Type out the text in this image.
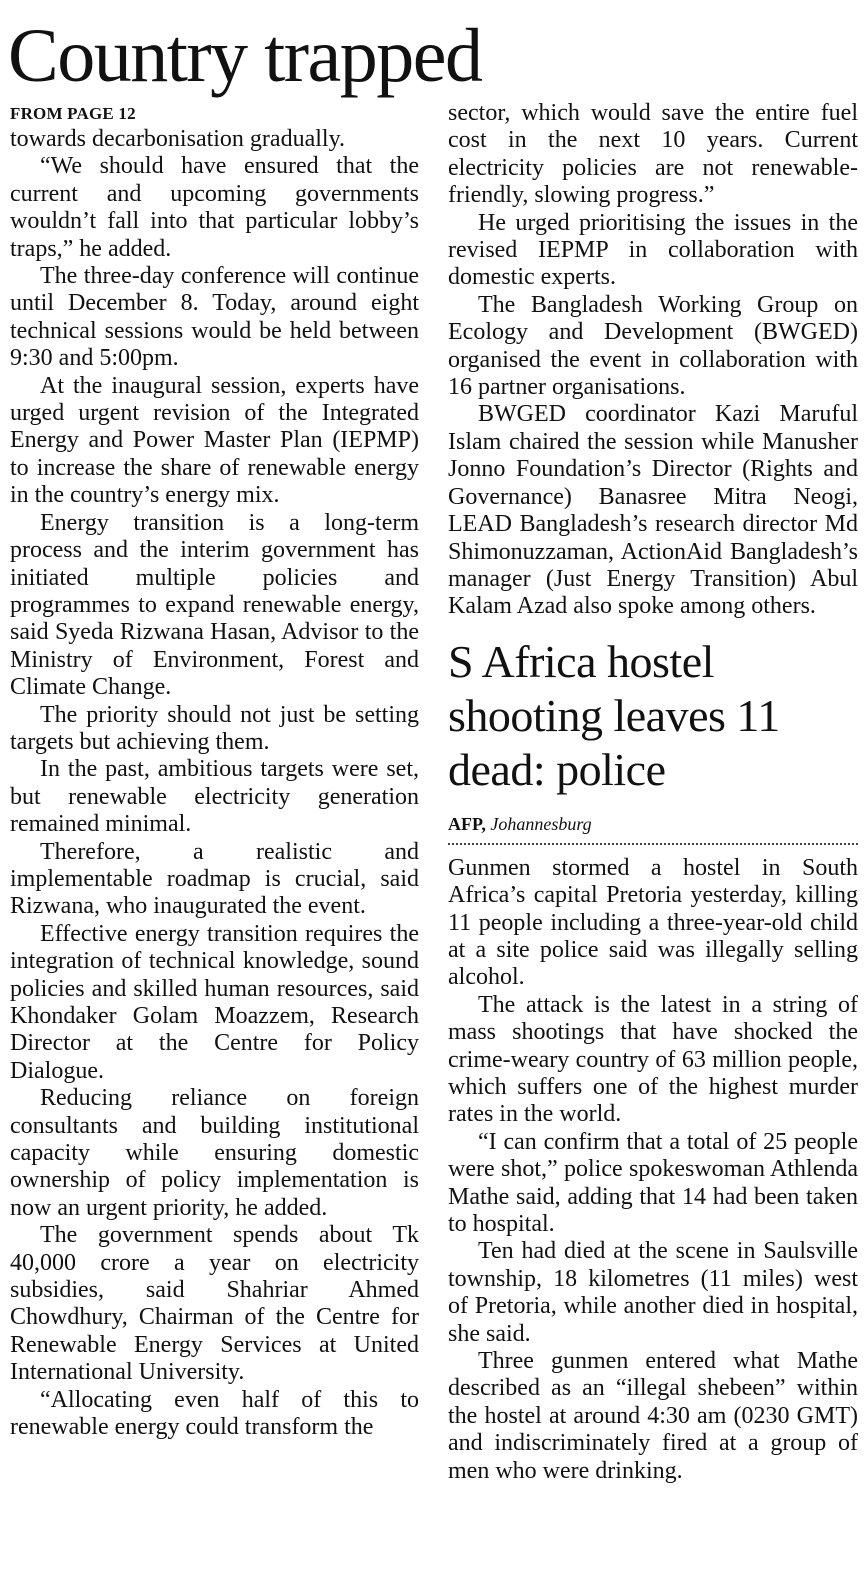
Country trapped
FROM PAGE 12

towards decarbonisation gradually.

“We should have ensured that the current and upcoming governments wouldn’t fall into that particular lobby’s traps,” he added.

The three-day conference will continue until December 8. Today, around eight technical sessions would be held between 9:30 and 5:00pm.

At the inaugural session, experts have urged urgent revision of the Integrated Energy and Power Master Plan (IEPMP) to increase the share of renewable energy in the country’s energy mix.

Energy transition is a long-term process and the interim government has initiated multiple policies and programmes to expand renewable energy, said Syeda Rizwana Hasan, Advisor to the Ministry of Environment, Forest and Climate Change.

The priority should not just be setting targets but achieving them.

In the past, ambitious targets were set, but renewable electricity generation remained minimal.

Therefore, a realistic and implementable roadmap is crucial, said Rizwana, who inaugurated the event.

Effective energy transition requires the integration of technical knowledge, sound policies and skilled human resources, said Khondaker Golam Moazzem, Research Director at the Centre for Policy Dialogue.

Reducing reliance on foreign consultants and building institutional capacity while ensuring domestic ownership of policy implementation is now an urgent priority, he added.

The government spends about Tk 40,000 crore a year on electricity subsidies, said Shahriar Ahmed Chowdhury, Chairman of the Centre for Renewable Energy Services at United International University.

“Allocating even half of this to renewable energy could transform the

sector, which would save the entire fuel cost in the next 10 years. Current electricity policies are not renewable-friendly, slowing progress.”

He urged prioritising the issues in the revised IEPMP in collaboration with domestic experts.

The Bangladesh Working Group on Ecology and Development (BWGED) organised the event in collaboration with 16 partner organisations.

BWGED coordinator Kazi Maruful Islam chaired the session while Manusher Jonno Foundation’s Director (Rights and Governance) Banasree Mitra Neogi, LEAD Bangladesh’s research director Md Shimonuzzaman, ActionAid Bangladesh’s manager (Just Energy Transition) Abul Kalam Azad also spoke among others.

S Africa hostel shooting leaves 11 dead: police
AFP, Johannesburg

Gunmen stormed a hostel in South Africa’s capital Pretoria yesterday, killing 11 people including a three-year-old child at a site police said was illegally selling alcohol.

The attack is the latest in a string of mass shootings that have shocked the crime-weary country of 63 million people, which suffers one of the highest murder rates in the world.

“I can confirm that a total of 25 people were shot,” police spokeswoman Athlenda Mathe said, adding that 14 had been taken to hospital.

Ten had died at the scene in Saulsville township, 18 kilometres (11 miles) west of Pretoria, while another died in hospital, she said.

Three gunmen entered what Mathe described as an “illegal shebeen” within the hostel at around 4:30 am (0230 GMT) and indiscriminately fired at a group of men who were drinking.
